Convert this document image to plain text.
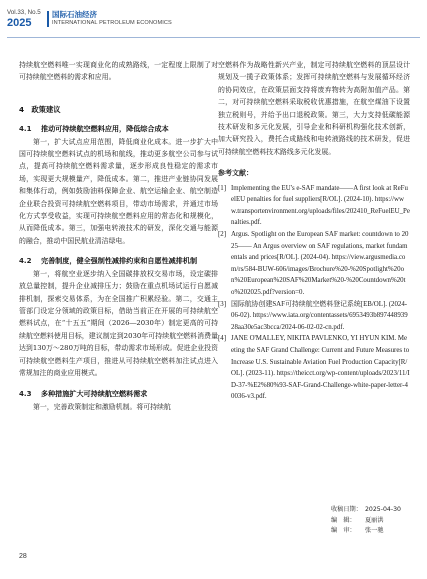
Vol.33, No.5
2025
国际石油经济
INTERNATIONAL PETROLEUM ECONOMICS

持续航空燃料唯一实现商业化的成熟路线，一定程度上限制了对可持续航空燃料的需求和应用。

4　政策建议
4.1	推动可持续航空燃料应用，降低综合成本

第一，扩大试点应用范围，降低商业化成本。进一步扩大中国可持续航空燃料试点的机场和航线，推动更多航空公司参与试点，提高可持续航空燃料需求量，逐步形成良性稳定的需求市场，实现更大规模量产，降低成本。第二，推进产业链协同发展和集体行动，例如鼓励油料保障企业、航空运输企业、航空制造企业联合投资可持续航空燃料项目，带动市场需求，并通过市场化方式享受收益，实现可持续航空燃料应用的常态化和规模化，从而降低成本。第三，加强电转液技术的研发，深化交通与能源的融合，推动中国民航业清洁绿电。

4.2	完善制度，健全强制性减排约束和自愿性减排机制

第一，将航空业逐步纳入全国碳排放权交易市场，设定碳排放总量控制，提升企业减排压力；鼓励在重点机场试运行自愿减排机制，探索交易体系，为在全国推广积累经验。第二，交通主管部门设定分领域的政策目标，借助当前正在开展的可持续航空燃料试点，在“十五五”期间（2026―2030年）制定更高的可持续航空燃料使用目标，建议制定到2030年可持续航空燃料消费量达到130万～280万吨的目标，带动需求市场形成。促进企业投资可持续航空燃料生产项目，推进从可持续航空燃料加注试点进入常规加注的商业应用模式。

4.3	多种措施扩大可持续航空燃料需求

第一，完善政策制定和激励机制。将可持续航

空燃料作为战略性新兴产业，制定可持续航空燃料的顶层设计规划及一揽子政策体系；发挥可持续航空燃料与发展循环经济的协同效应，在政策层面支持将废弃物转为高附加值产品。第二，对可持续航空燃料采取税收优惠措施，在航空煤油下设置独立税则号，并给予出口退税政策。第三，大力支持低碳能源技术研发和多元化发展，引导企业和科研机构强化技术创新，加大研究投入，费托合成路线和电转液路线的技术研发，促进可持续航空燃料技术路线多元化发展。

参考文献：
[1] Implementing the EU's e-SAF mandate——A first look at ReFuelEU penalties for fuel suppliers[R/OL]. (2024-10). https://www.transportenvironment.org/uploads/files/202410_ReFuelEU_Penalties.pdf.
[2] Argus. Spotlight on the European SAF market: countdown to 2025—— An Argus overview on SAF regulations, market fundamentals and prices[R/OL]. (2024-04). https://view.argusmedia.com/rs/584-BUW-606/images/Brochure%20-%20Spotlight%20on%20European%20SAF%20Market%20-%20Countdown%20to%202025.pdf?version=0.
[3] 国际航协创建SAF可持续航空燃料登记系统[EB/OL]. (2024-06-02). https://www.iata.org/contentassets/6953493b89744893928aa30e5ac3bcca/2024-06-02-02-cn.pdf.
[4] JANE O'MALLEY, NIKITA PAVLENKO, YI HYUN KIM. Meeting the SAF Grand Challenge: Current and Future Measures to Increase U.S. Sustainable Aviation Fuel Production Capacity[R/OL]. (2023-11). https://theicct.org/wp-content/uploads/2023/11/ID-37-%E2%80%93-SAF-Grand-Challenge-white-paper-letter-40036-v3.pdf.
收稿日期： 2025-04-30
编　辑：	夏丽洪
编　审：	张一驰
28
